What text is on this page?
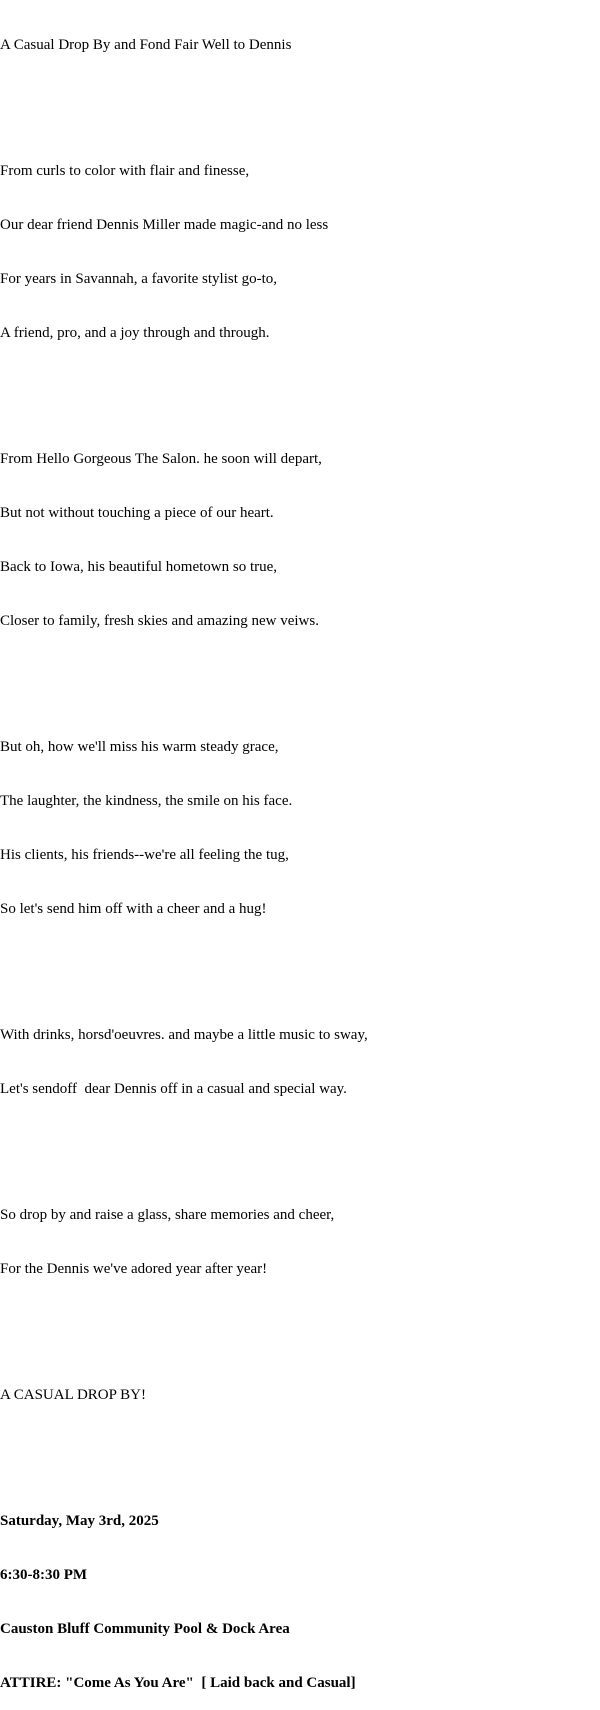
A Casual Drop By and Fond Fair Well to Dennis

From curls to color with flair and finesse,

Our dear friend Dennis Miller made magic-and no less

For years in Savannah, a favorite stylist go-to,

A friend, pro, and a joy through and through.

From Hello Gorgeous The Salon. he soon will depart,

But not without touching a piece of our heart.

Back to Iowa, his beautiful hometown so true,

Closer to family, fresh skies and amazing new veiws.

But oh, how we'll miss his warm steady grace,

The laughter, the kindness, the smile on his face.

His clients, his friends--we're all feeling the tug,

So let's send him off with a cheer and a hug!

With drinks, horsd'oeuvres. and maybe a little music to sway,

Let's sendoff  dear Dennis off in a casual and special way.

So drop by and raise a glass, share memories and cheer,

For the Dennis we've adored year after year!

A CASUAL DROP BY!

Saturday, May 3rd, 2025

6:30-8:30 PM

Causton Bluff Community Pool & Dock Area

ATTIRE: "Come As You Are"  [ Laid back and Casual]
